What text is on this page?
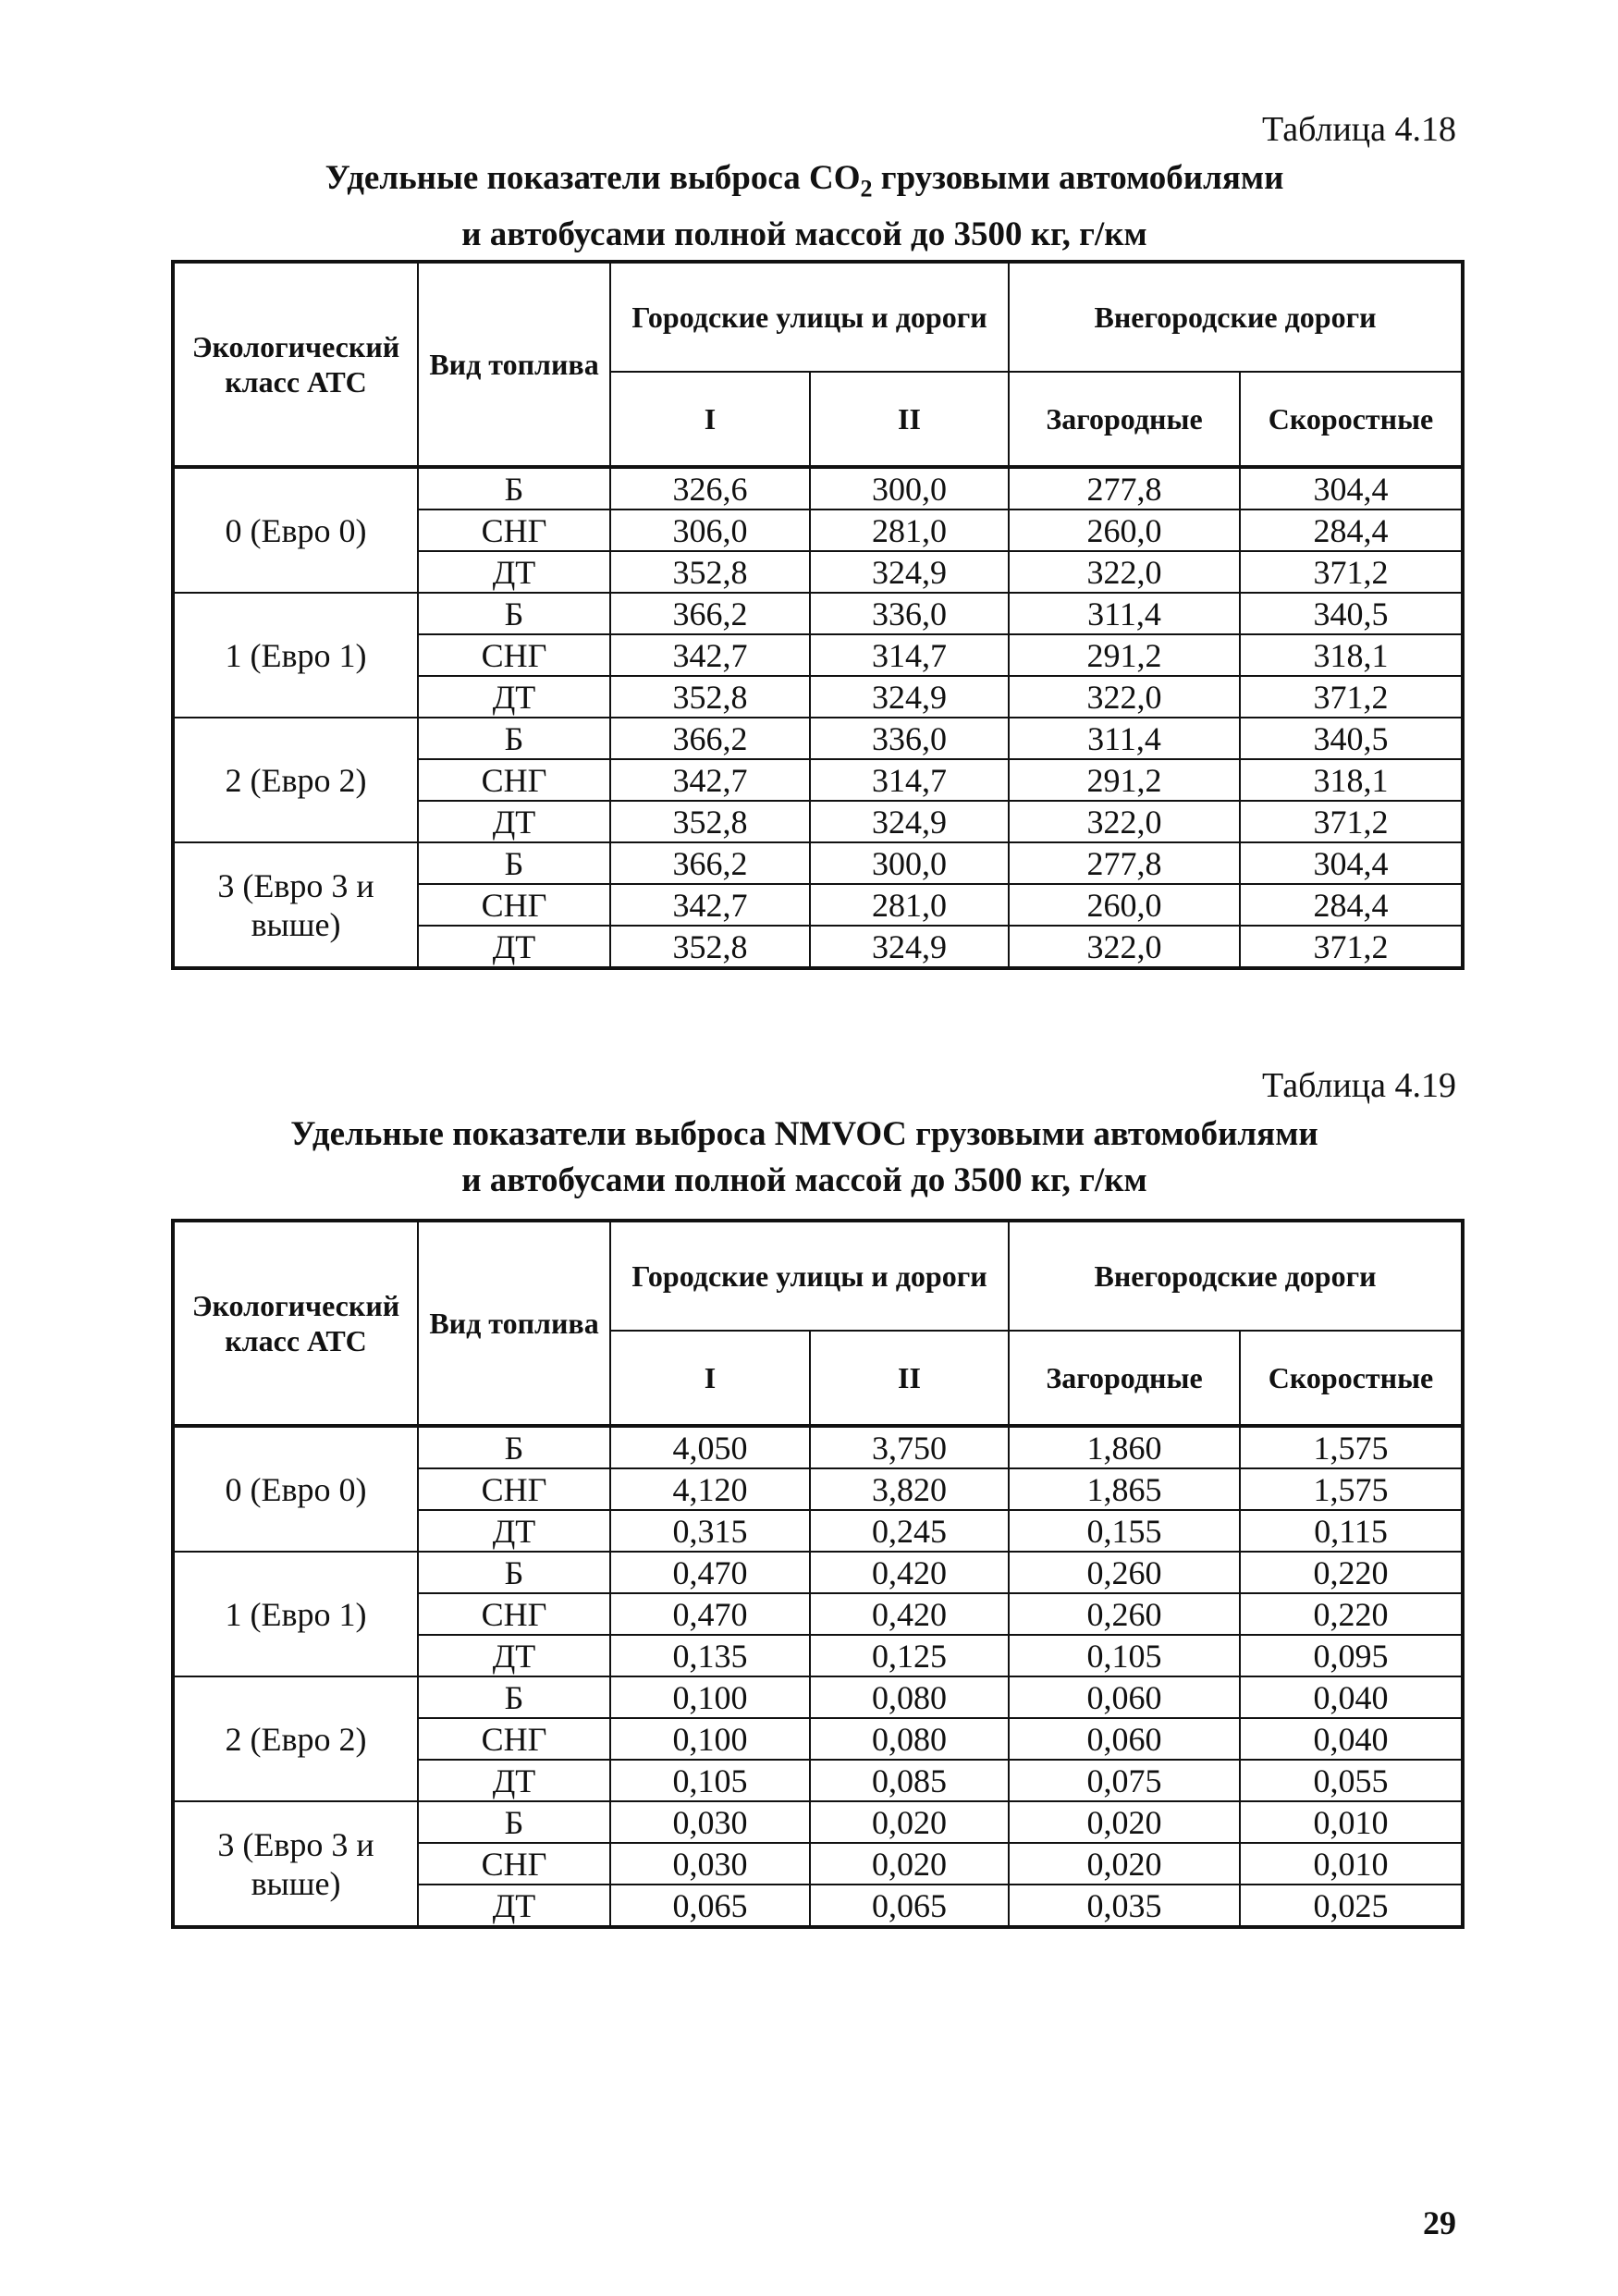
Таблица 4.18
Удельные показатели выброса $CO_2$ грузовыми автомобилями
и автобусами полной массой до 3500 кг, г/км
Экологический класс АТС	Вид топлива	Городские улицы и дороги		Внегородские дороги	
		I	II	Загородные	Скоростные
0 (Евро 0)	Б	326,6	300,0	277,8	304,4
	СНГ	306,0	281,0	260,0	284,4
	ДТ	352,8	324,9	322,0	371,2
1 (Евро 1)	Б	366,2	336,0	311,4	340,5
	СНГ	342,7	314,7	291,2	318,1
	ДТ	352,8	324,9	322,0	371,2
2 (Евро 2)	Б	366,2	336,0	311,4	340,5
	СНГ	342,7	314,7	291,2	318,1
	ДТ	352,8	324,9	322,0	371,2
3 (Евро 3 и выше)	Б	366,2	300,0	277,8	304,4
	СНГ	342,7	281,0	260,0	284,4
	ДТ	352,8	324,9	322,0	371,2
Таблица 4.19
Удельные показатели выброса NMVOC грузовыми автомобилями
и автобусами полной массой до 3500 кг, г/км
Экологический класс АТС	Вид топлива	Городские улицы и дороги		Внегородские дороги	
		I	II	Загородные	Скоростные
0 (Евро 0)	Б	4,050	3,750	1,860	1,575
	СНГ	4,120	3,820	1,865	1,575
	ДТ	0,315	0,245	0,155	0,115
1 (Евро 1)	Б	0,470	0,420	0,260	0,220
	СНГ	0,470	0,420	0,260	0,220
	ДТ	0,135	0,125	0,105	0,095
2 (Евро 2)	Б	0,100	0,080	0,060	0,040
	СНГ	0,100	0,080	0,060	0,040
	ДТ	0,105	0,085	0,075	0,055
3 (Евро 3 и выше)	Б	0,030	0,020	0,020	0,010
	СНГ	0,030	0,020	0,020	0,010
	ДТ	0,065	0,065	0,035	0,025
29
